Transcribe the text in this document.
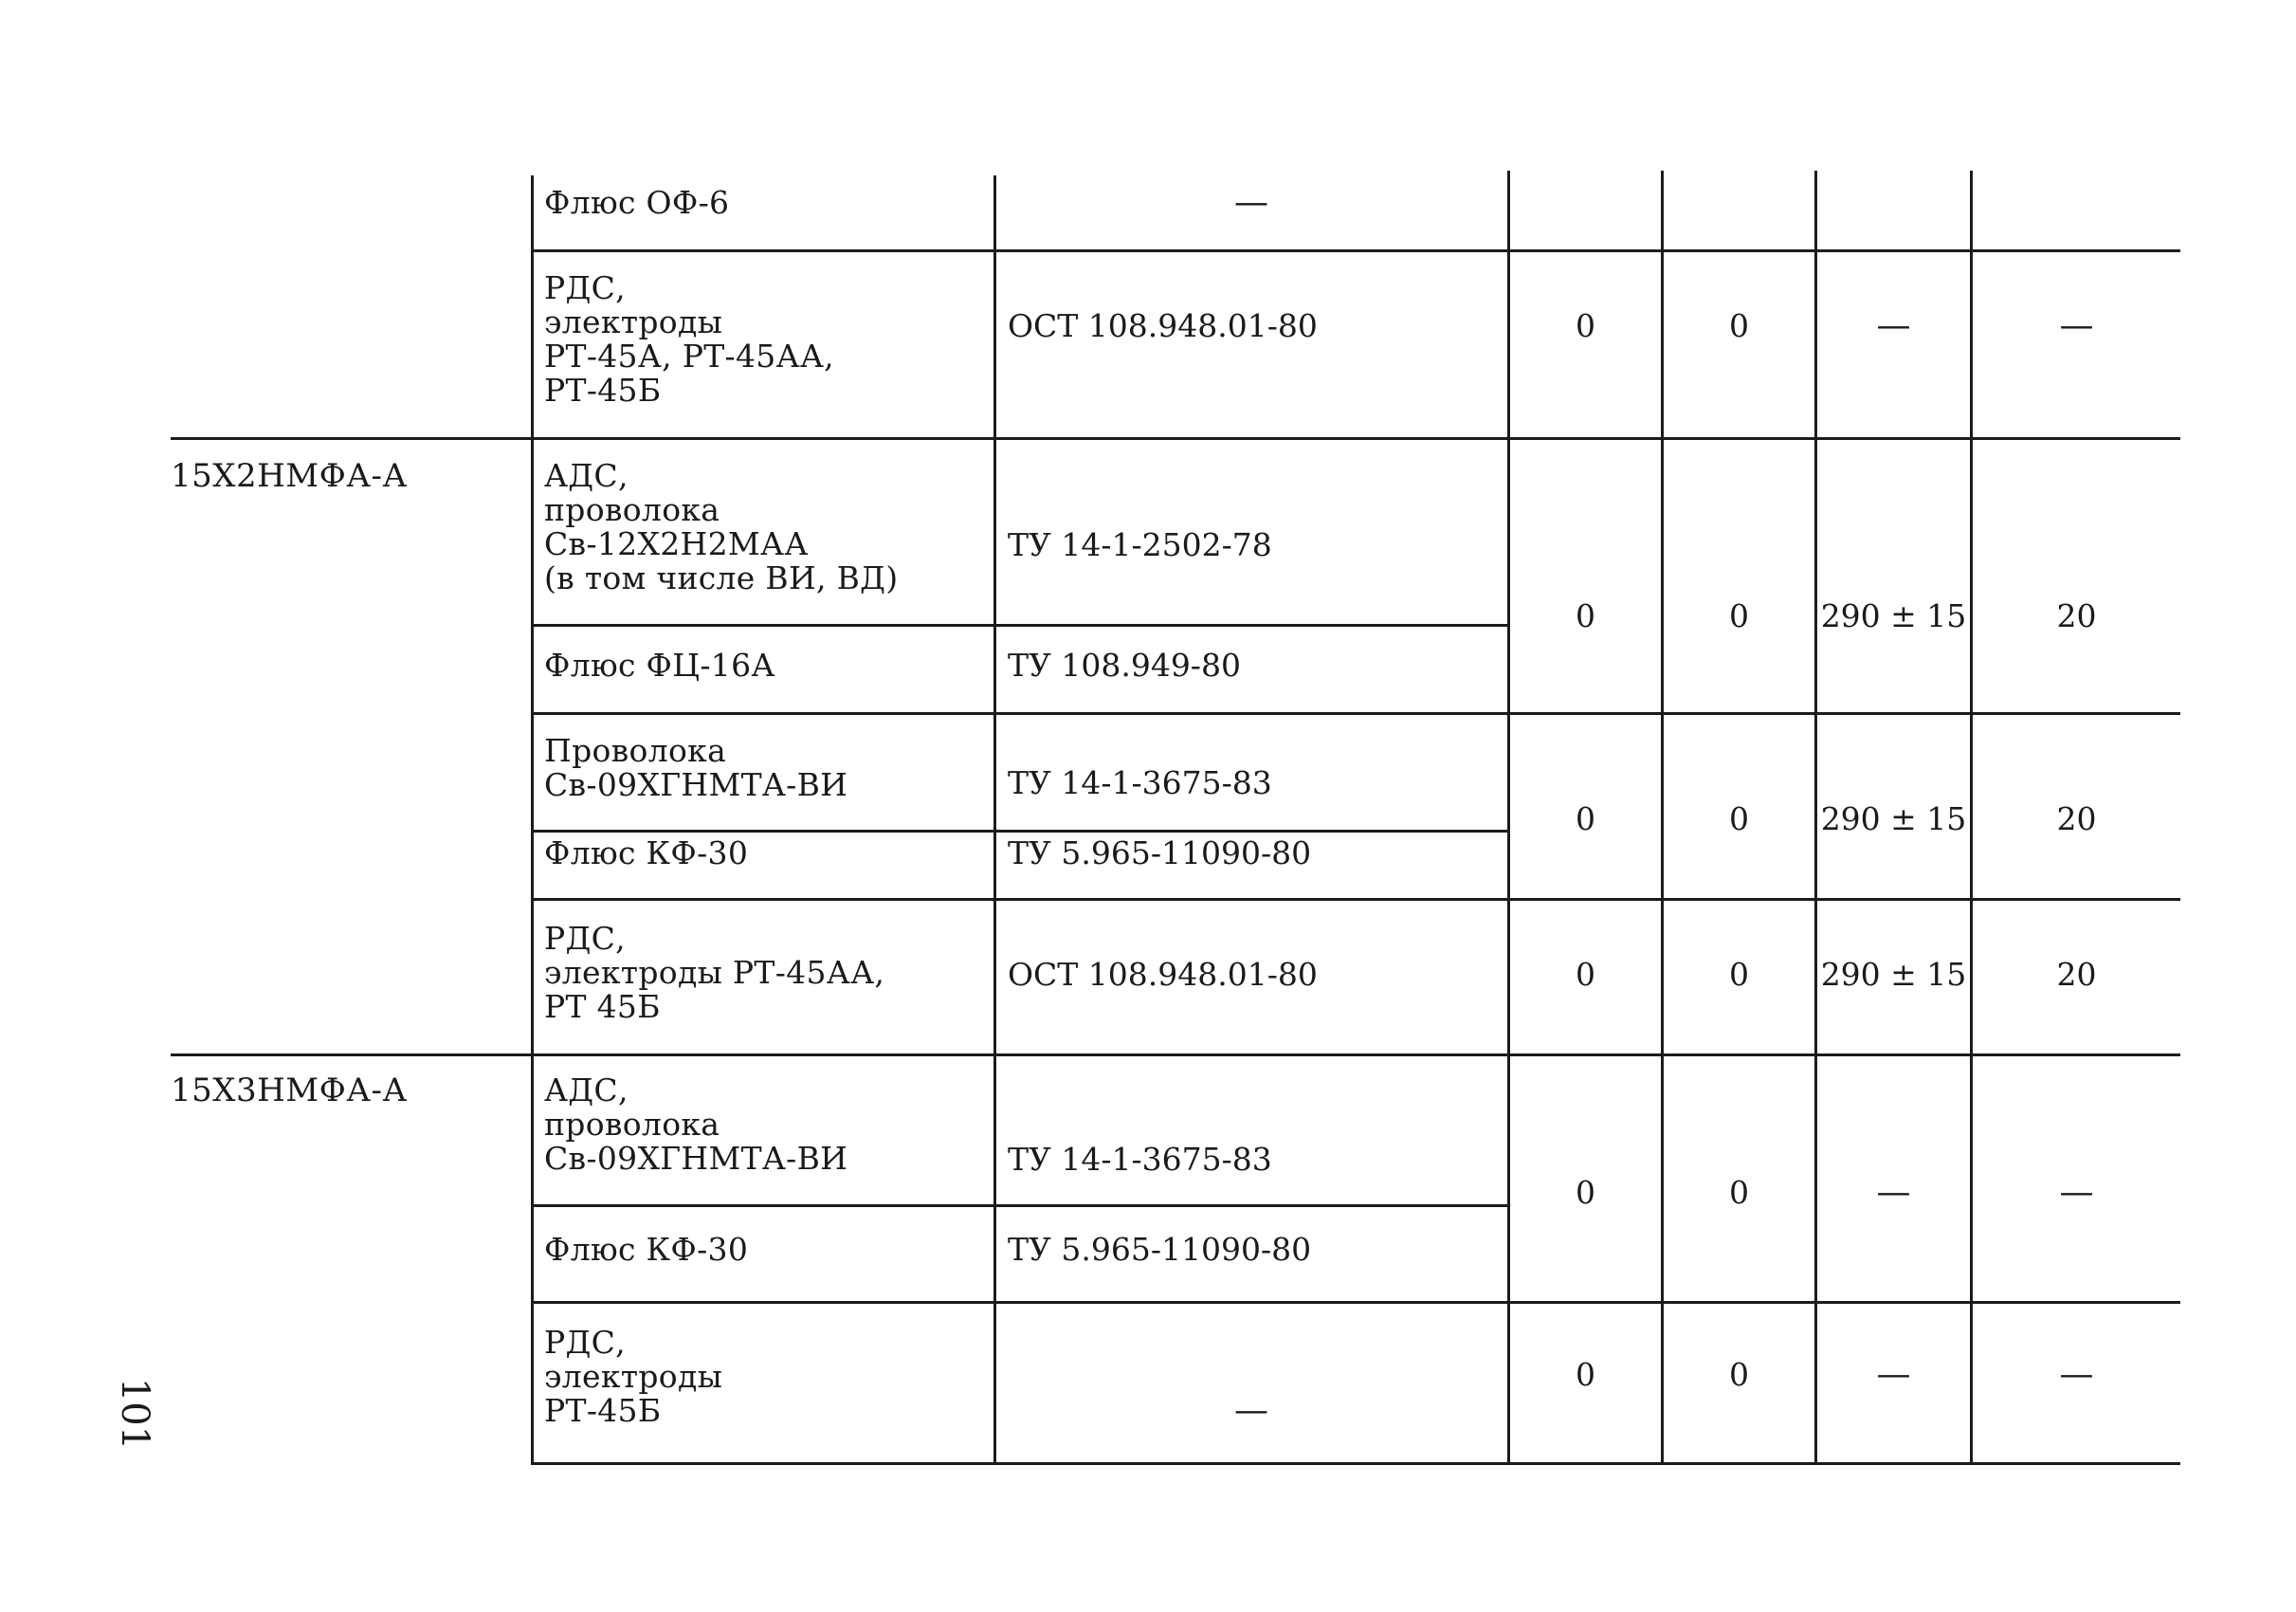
Флюс ОФ-6	—
РДС,
электроды
РТ-45А, РТ-45АА,
РТ-45Б
ОСТ 108.948.01-80	0	0	—	—
15Х2НМФА-А	АДС,
проволока
Св-12Х2Н2МАА
(в том числе ВИ, ВД)
ТУ 14-1-2502-78
Флюс ФЦ-16А	ТУ 108.949-80
0	0	290 ± 15	20
Проволока
Св-09ХГНМТА-ВИ	ТУ 14-1-3675-83
Флюс КФ-30	ТУ 5.965-11090-80
0	0	290 ± 15	20
РДС,
электроды РТ-45АА,
РТ 45Б
ОСТ 108.948.01-80	0	0	290 ± 15	20
15Х3НМФА-А	АДС,
проволока
Св-09ХГНМТА-ВИ	ТУ 14-1-3675-83
Флюс КФ-30	ТУ 5.965-11090-80
0	0	—	—
РДС,
электроды
РТ-45Б	—
0	0	—	—
101
